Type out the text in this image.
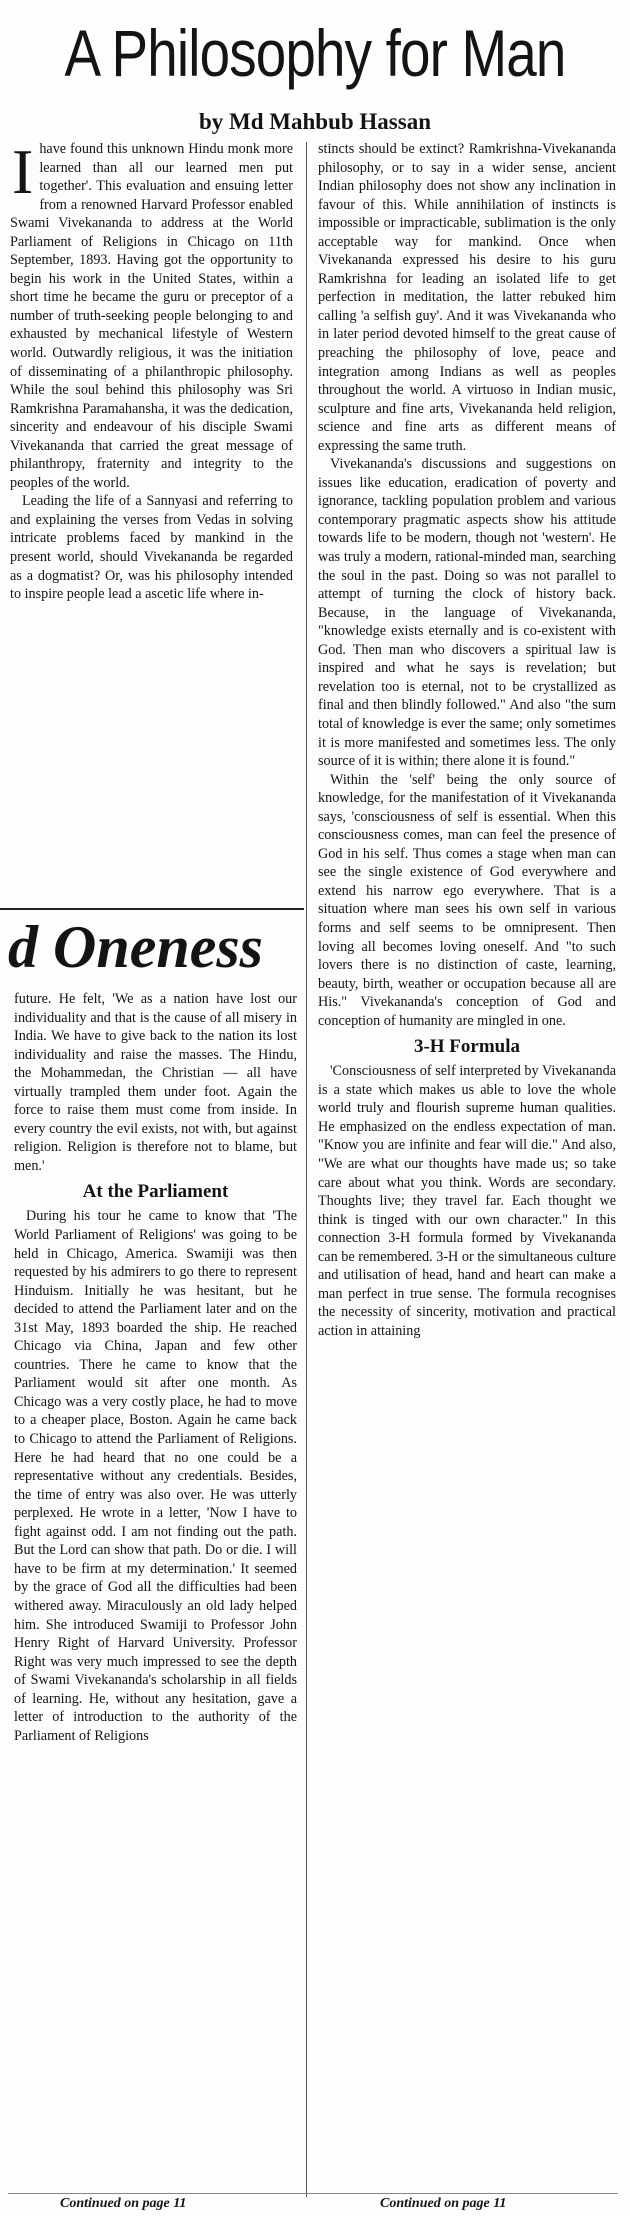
A Philosophy for Man
by Md Mahbub Hassan
I have found this unknown Hindu monk more learned than all our learned men put together'. This evaluation and ensuing letter from a renowned Harvard Professor enabled Swami Vivekananda to address at the World Parliament of Religions in Chicago on 11th September, 1893. Having got the opportunity to begin his work in the United States, within a short time he became the guru or preceptor of a number of truth-seeking people belonging to and exhausted by mechanical lifestyle of Western world. Outwardly religious, it was the initiation of disseminating of a philanthropic philosophy. While the soul behind this philosophy was Sri Ramkrishna Paramahansha, it was the dedication, sincerity and endeavour of his disciple Swami Vivekananda that carried the great message of philanthropy, fraternity and integrity to the peoples of the world.

Leading the life of a Sannyasi and referring to and explaining the verses from Vedas in solving intricate problems faced by mankind in the present world, should Vivekananda be regarded as a dogmatist? Or, was his philosophy intended to inspire people lead a ascetic life where in-

d Oneness

stincts should be extinct? Ramkrishna-Vivekananda philosophy, or to say in a wider sense, ancient Indian philosophy does not show any inclination in favour of this. While annihilation of instincts is impossible or impracticable, sublimation is the only acceptable way for mankind. Once when Vivekananda expressed his desire to his guru Ramkrishna for leading an isolated life to get perfection in meditation, the latter rebuked him calling 'a selfish guy'. And it was Vivekananda who in later period devoted himself to the great cause of preaching the philosophy of love, peace and integration among Indians as well as peoples throughout the world. A virtuoso in Indian music, sculpture and fine arts, Vivekananda held religion, science and fine arts as different means of expressing the same truth.

Vivekananda's discussions and suggestions on issues like education, eradication of poverty and ignorance, tackling population problem and various contemporary pragmatic aspects show his attitude towards life to be modern, though not 'western'. He was truly a modern, rational-minded man, searching the soul in the past. Doing so was not parallel to attempt of turning the clock of history back. Because, in the language of Vivekananda, "knowledge exists eternally and is co-existent with God. Then man who discovers a spiritual law is inspired and what he says is revelation; but revelation too is eternal, not to be crystallized as final and then blindly followed." And also "the sum total of knowledge is ever the same; only sometimes it is more manifested and sometimes less. The only source of it is within; there alone it is found."

Within the 'self' being the only source of knowledge, for the manifestation of it Vivekananda says, 'consciousness of self is essential. When this consciousness comes, man can feel the presence of God in his self. Thus comes a stage when man can see the single existence of God everywhere and extend his narrow ego everywhere. That is a situation where man sees his own self in various forms and self seems to be omnipresent. Then loving all becomes loving oneself. And "to such lovers there is no distinction of caste, learning, beauty, birth, weather or occupation because all are His." Vivekananda's conception of God and conception of humanity are mingled in one.

3-H Formula

'Consciousness of self interpreted by Vivekananda is a state which makes us able to love the whole world truly and flourish supreme human qualities. He emphasized on the endless expectation of man. "Know you are infinite and fear will die." And also, "We are what our thoughts have made us; so take care about what you think. Words are secondary. Thoughts live; they travel far. Each thought we think is tinged with our own character." In this connection 3-H formula formed by Vivekananda can be remembered. 3-H or the simultaneous culture and utilisation of head, hand and heart can make a man perfect in true sense. The formula recognises the necessity of sincerity, motivation and practical action in attaining

future. He felt, 'We as a nation have lost our individuality and that is the cause of all misery in India. We have to give back to the nation its lost individuality and raise the masses. The Hindu, the Mohammedan, the Christian — all have virtually trampled them under foot. Again the force to raise them must come from inside. In every country the evil exists, not with, but against religion. Religion is therefore not to blame, but men.'

At the Parliament

During his tour he came to know that 'The World Parliament of Religions' was going to be held in Chicago, America. Swamiji was then requested by his admirers to go there to represent Hinduism. Initially he was hesitant, but he decided to attend the Parliament later and on the 31st May, 1893 boarded the ship. He reached Chicago via China, Japan and few other countries. There he came to know that the Parliament would sit after one month. As Chicago was a very costly place, he had to move to a cheaper place, Boston. Again he came back to Chicago to attend the Parliament of Religions. Here he had heard that no one could be a representative without any credentials. Besides, the time of entry was also over. He was utterly perplexed. He wrote in a letter, 'Now I have to fight against odd. I am not finding out the path. But the Lord can show that path. Do or die. I will have to be firm at my determination.' It seemed by the grace of God all the difficulties had been withered away. Miraculously an old lady helped him. She introduced Swamiji to Professor John Henry Right of Harvard University. Professor Right was very much impressed to see the depth of Swami Vivekananda's scholarship in all fields of learning. He, without any hesitation, gave a letter of introduction to the authority of the Parliament of Religions

Continued on page 11	Continued on page 11
